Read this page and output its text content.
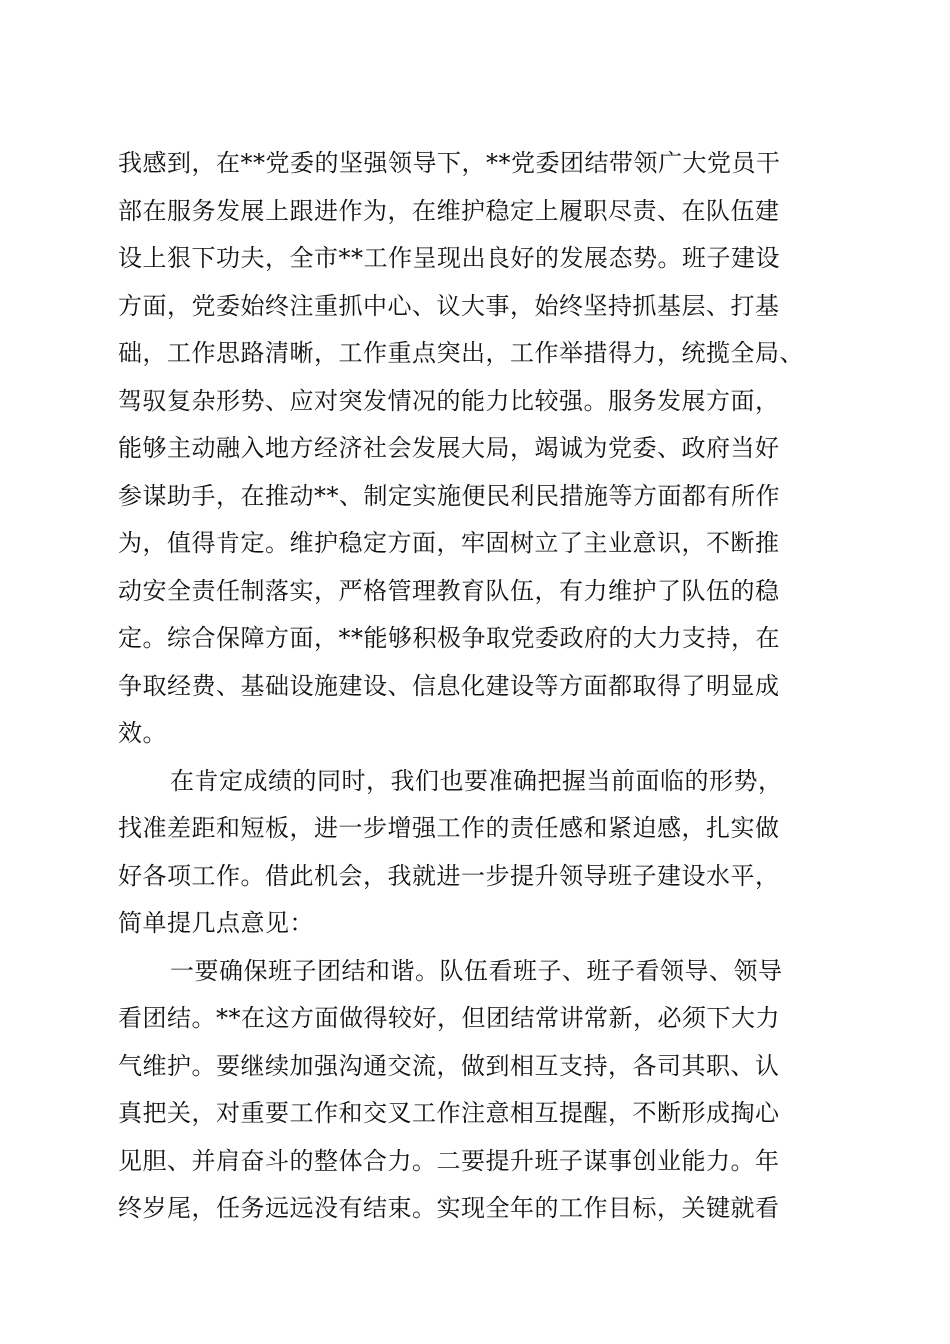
我感到，在**党委的坚强领导下，**党委团结带领广大党员干
部在服务发展上跟进作为，在维护稳定上履职尽责、在队伍建
设上狠下功夫，全市**工作呈现出良好的发展态势。班子建设
方面，党委始终注重抓中心、议大事，始终坚持抓基层、打基
础，工作思路清晰，工作重点突出，工作举措得力，统揽全局、
驾驭复杂形势、应对突发情况的能力比较强。服务发展方面，
能够主动融入地方经济社会发展大局，竭诚为党委、政府当好
参谋助手，在推动**、制定实施便民利民措施等方面都有所作
为，值得肯定。维护稳定方面，牢固树立了主业意识，不断推
动安全责任制落实，严格管理教育队伍，有力维护了队伍的稳
定。综合保障方面，**能够积极争取党委政府的大力支持，在
争取经费、基础设施建设、信息化建设等方面都取得了明显成
效。
在肯定成绩的同时，我们也要准确把握当前面临的形势，
找准差距和短板，进一步增强工作的责任感和紧迫感，扎实做
好各项工作。借此机会，我就进一步提升领导班子建设水平，
简单提几点意见：
一要确保班子团结和谐。队伍看班子、班子看领导、领导
看团结。**在这方面做得较好，但团结常讲常新，必须下大力
气维护。要继续加强沟通交流，做到相互支持，各司其职、认
真把关，对重要工作和交叉工作注意相互提醒，不断形成掏心
见胆、并肩奋斗的整体合力。二要提升班子谋事创业能力。年
终岁尾，任务远远没有结束。实现全年的工作目标，关键就看
